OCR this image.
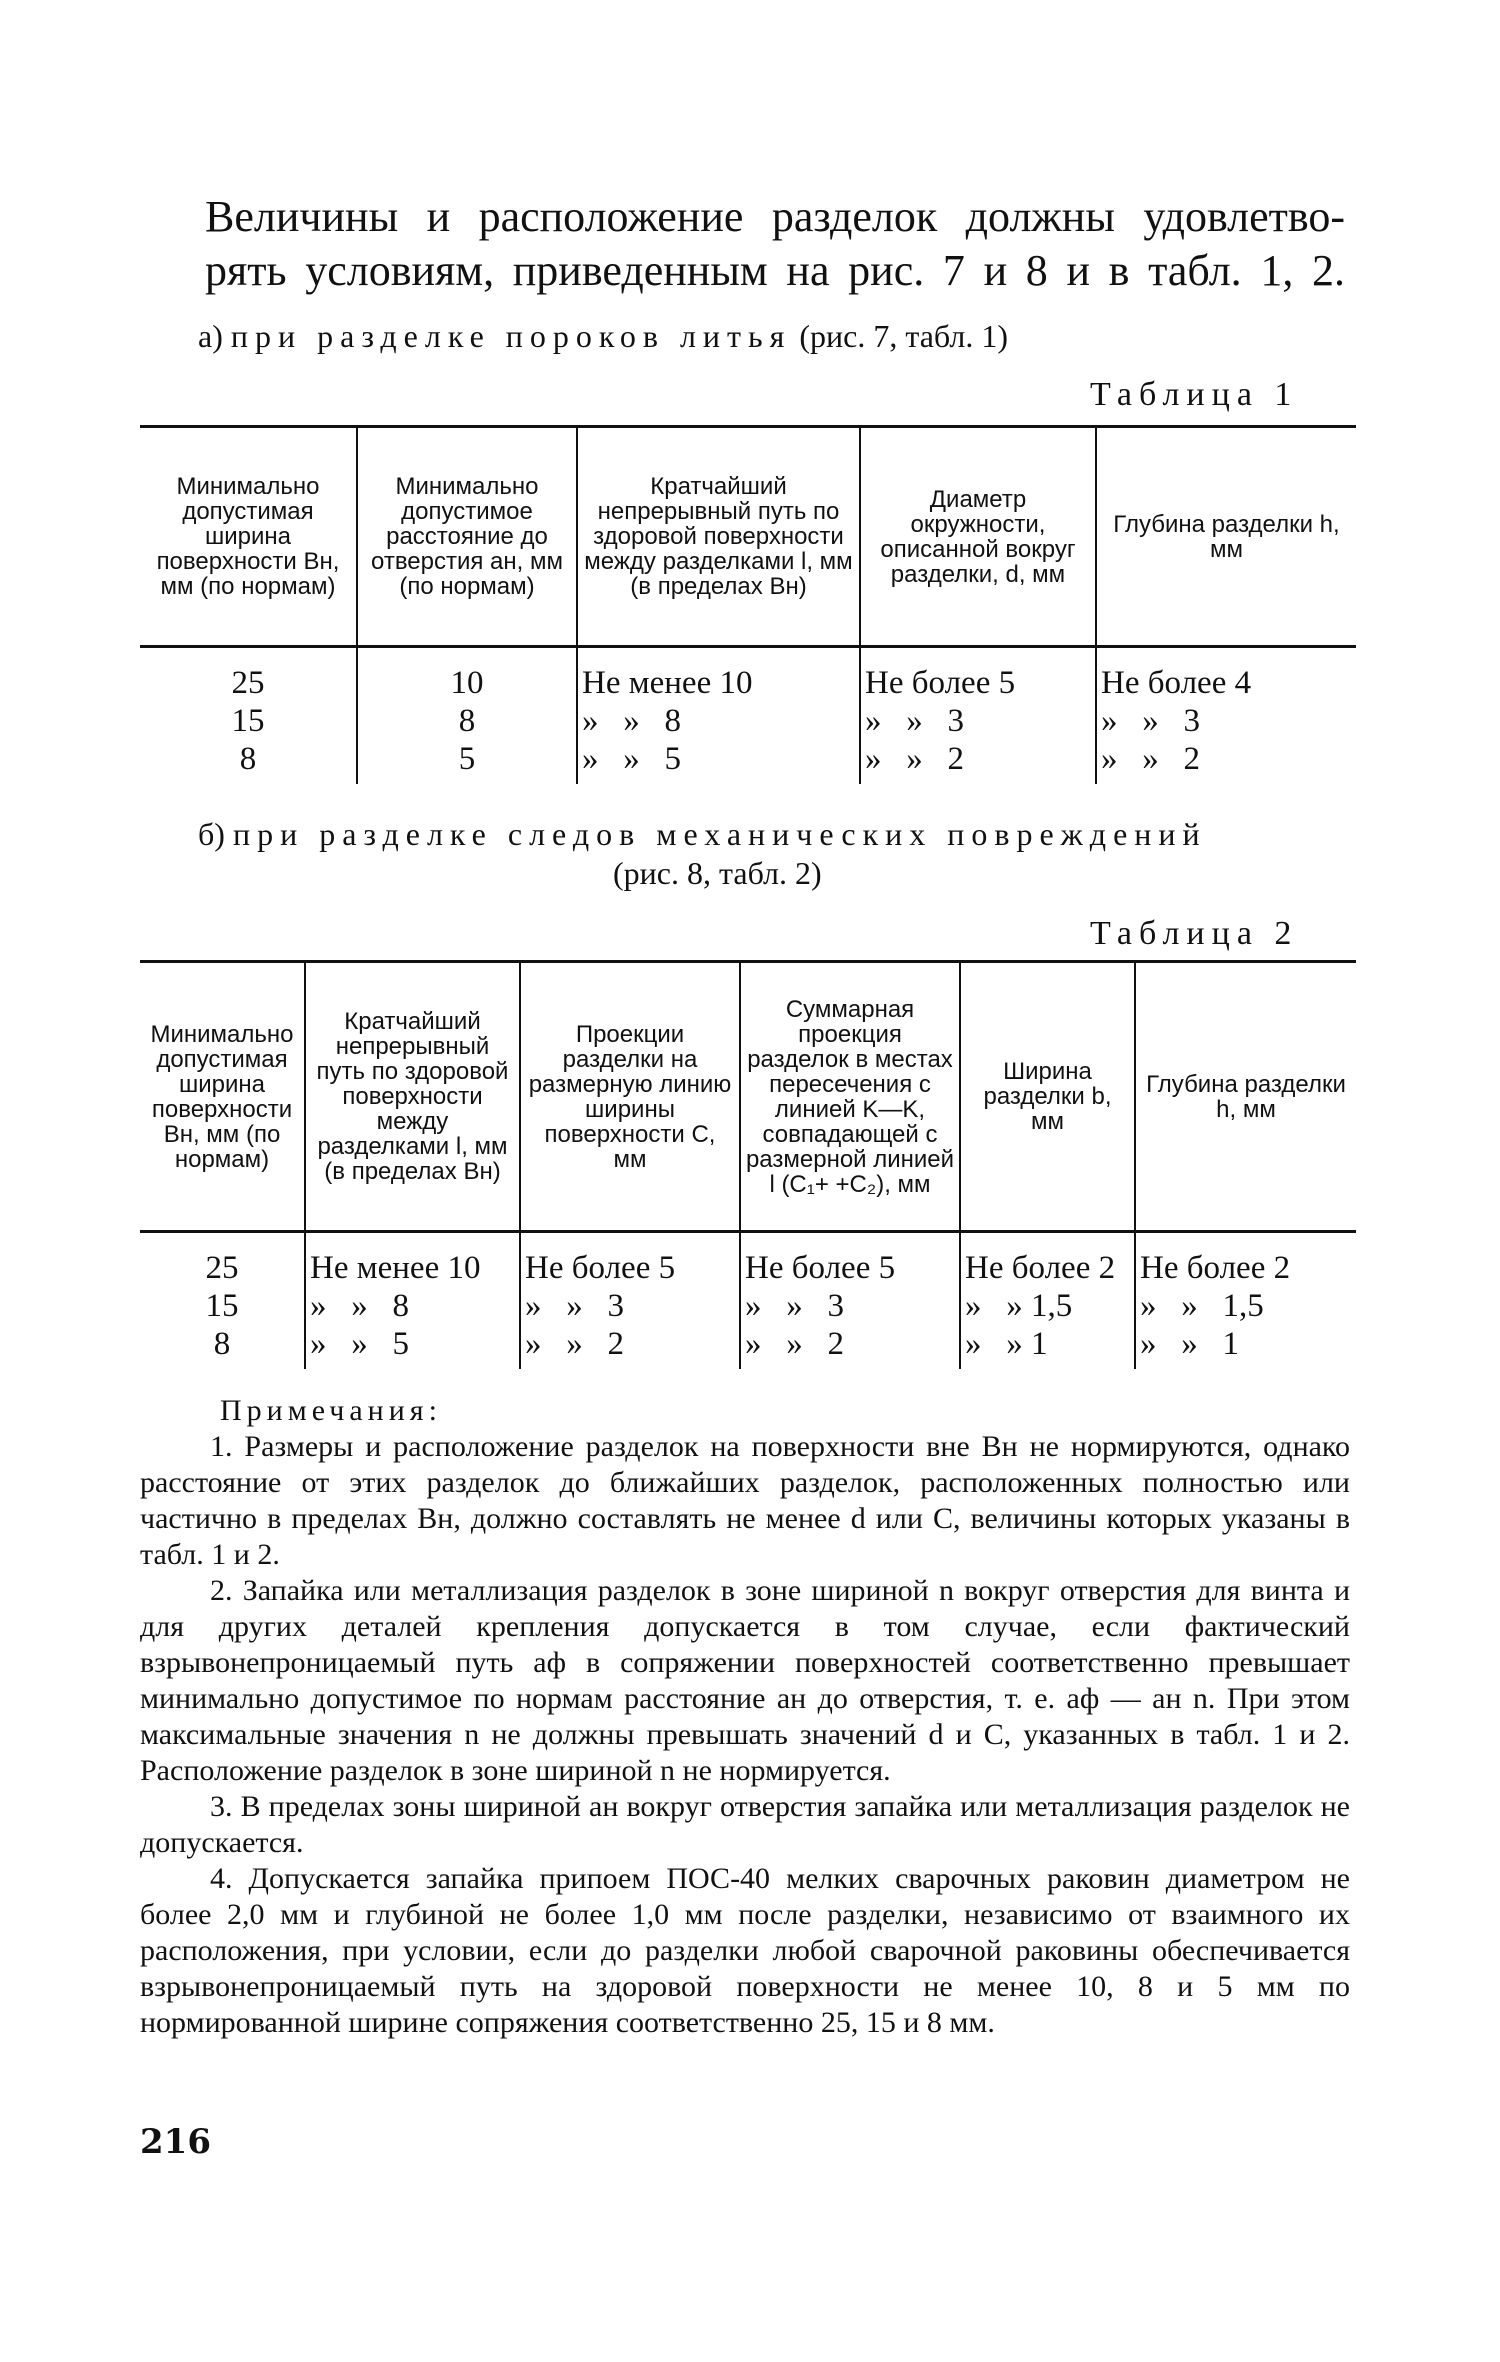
Величины и расположение разделок должны удовлетво-
рять условиям, приведенным на рис. 7 и 8 и в табл. 1, 2.
а) при разделке пороков литья (рис. 7, табл. 1)
Таблица 1
Минимально допустимая ширина поверхности Bн, мм (по нормам)	Минимально допустимое расстояние до отверстия aн, мм (по нормам)	Кратчайший непрерывный путь по здоровой поверхности между разделками l, мм (в пределах Bн)	Диаметр окружности, описанной вокруг разделки, d, мм	Глубина разделки h, мм
25	10	Не менее 10	Не более 5	Не более 4
15	8	»   »   8	»   »   3	»   »   3
8	5	»   »   5	»   »   2	»   »   2
б) при разделке следов механических повреждений
(рис. 8, табл. 2)
Таблица 2
Минимально допустимая ширина поверхности Bн, мм (по нормам)	Кратчайший непрерывный путь по здоровой поверхности между разделками l, мм (в пределах Bн)	Проекции разделки на размерную линию ширины поверхности C, мм	Суммарная проекция разделок в местах пересечения с линией K—K, совпадающей с размерной линией l (C₁+ +C₂), мм	Ширина разделки b, мм	Глубина разделки h, мм
25	Не менее 10	Не более 5	Не более 5	Не более 2	Не более 2
15	»   »   8	»   »   3	»   »   3	»   » 1,5	»   »   1,5
8	»   »   5	»   »   2	»   »   2	»   » 1	»   »   1
Примечания:

1. Размеры и расположение разделок на поверхности вне Вн не нормируются, однако расстояние от этих разделок до ближайших разделок, расположенных полностью или частично в пределах Вн, должно составлять не менее d или C, величины которых указаны в табл. 1 и 2.

2. Запайка или металлизация разделок в зоне шириной n вокруг отверстия для винта и для других деталей крепления допускается в том случае, если фактический взрывонепроницаемый путь aф в сопряжении поверхностей соответственно превышает минимально допустимое по нормам расстояние aн до отверстия, т. е. aф — aн n. При этом максимальные значения n не должны превышать значений d и C, указанных в табл. 1 и 2. Расположение разделок в зоне шириной n не нормируется.

3. В пределах зоны шириной aн вокруг отверстия запайка или металлизация разделок не допускается.

4. Допускается запайка припоем ПОС-40 мелких сварочных раковин диаметром не более 2,0 мм и глубиной не более 1,0 мм после разделки, независимо от взаимного их расположения, при условии, если до разделки любой сварочной раковины обеспечивается взрывонепроницаемый путь на здоровой поверхности не менее 10, 8 и 5 мм по нормированной ширине сопряжения соответственно 25, 15 и 8 мм.

216
